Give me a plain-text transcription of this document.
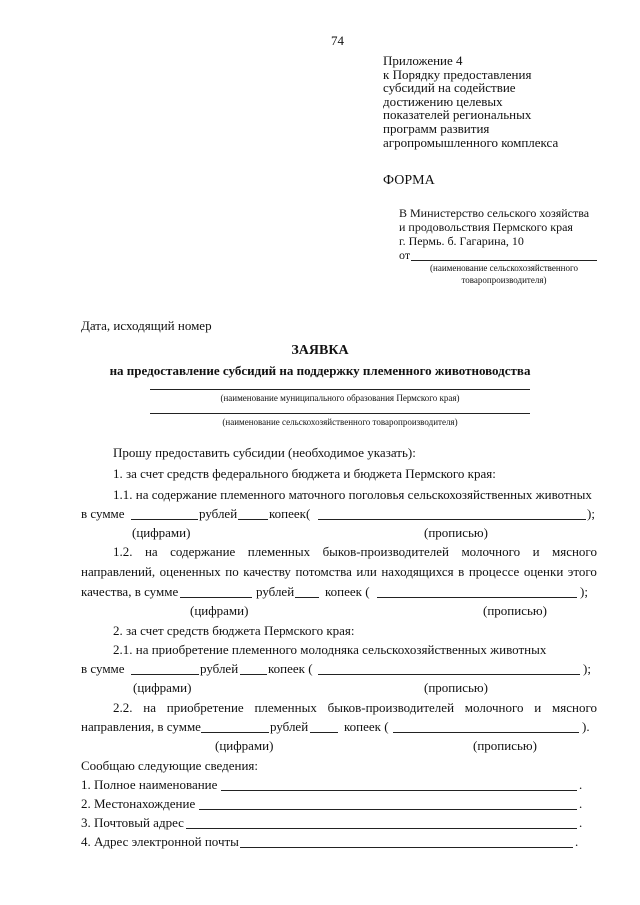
74
Приложение 4
к Порядку предоставления
субсидий на содействие
достижению целевых
показателей региональных
программ развития
агропромышленного комплекса
ФОРМА
В Министерство сельского хозяйства
и продовольствия Пермского края
г. Пермь. б. Гагарина, 10
от
(наименование сельскохозяйственного
товаропроизводителя)
Дата, исходящий номер
ЗАЯВКА
на предоставление субсидий на поддержку племенного животноводства
(наименование муниципального образования Пермского края)
(наименование сельскохозяйственного товаропроизводителя)
Прошу предоставить субсидии (необходимое указать):
1. за счет средств федерального бюджета и бюджета Пермского края:
1.1. на содержание племенного маточного поголовья сельскохозяйственных животных
в сумме	рублей копеек(	);
(цифрами)	(прописью)
1.2. на содержание племенных быков-производителей молочного и мясного
направлений, оцененных по качеству потомства или находящихся в процессе оценки этого
качества, в сумме	рублей копеек (	);
(цифрами)	(прописью)
2. за счет средств бюджета Пермского края:
2.1. на приобретение племенного молодняка сельскохозяйственных животных
в сумме	рублей копеек (	);
(цифрами)	(прописью)
2.2. на приобретение племенных быков-производителей молочного и мясного
направления, в сумме	рублей	копеек (	).
(цифрами)	(прописью)
Сообщаю следующие сведения:
1. Полное наименование	.
2. Местонахождение	.
3. Почтовый адрес	.
4. Адрес электронной почты	.
